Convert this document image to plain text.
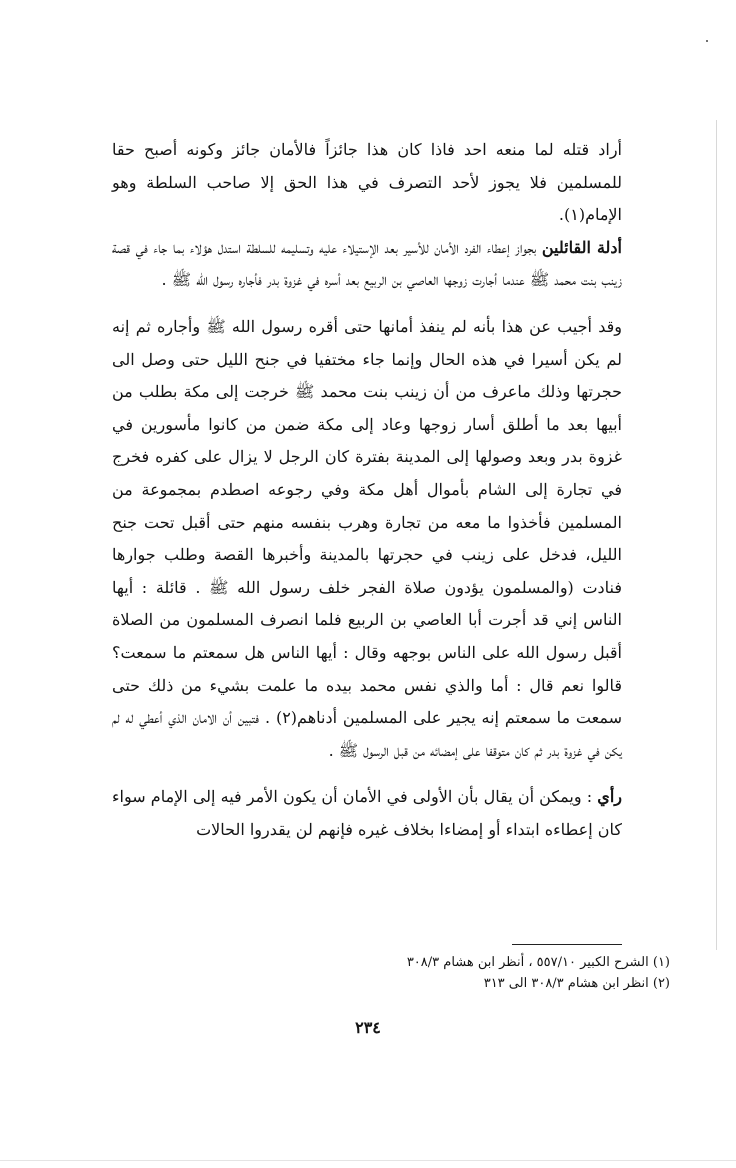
أراد قتله لما منعه احد فاذا كان هذا جائزاً فالأمان جائز وكونه أصبح حقا للمسلمين فلا يجوز لأحد التصرف في هذا الحق إلا صاحب السلطة وهو الإمام(١).

أدلة القائلين بجواز إعطاء الفرد الأمان للأسير بعد الإستيلاء عليه وتسليمه للسلطة استدل هؤلاء بما جاء في قصة زينب بنت محمد ﷺ عندما أجارت زوجها العاصي بن الربيع بعد أسره في غزوة بدر فأجاره رسول الله ﷺ .

وقد أجيب عن هذا بأنه لم ينفذ أمانها حتى أقره رسول الله ﷺ وأجاره ثم إنه لم يكن أسيرا في هذه الحال وإنما جاء مختفيا في جنح الليل حتى وصل الى حجرتها وذلك ماعرف من أن زينب بنت محمد ﷺ خرجت إلى مكة بطلب من أبيها بعد ما أطلق أسار زوجها وعاد إلى مكة ضمن من كانوا مأسورين في غزوة بدر وبعد وصولها إلى المدينة بفترة كان الرجل لا يزال على كفره فخرج في تجارة إلى الشام بأموال أهل مكة وفي رجوعه اصطدم بمجموعة من المسلمين فأخذوا ما معه من تجارة وهرب بنفسه منهم حتى أقبل تحت جنح الليل، فدخل على زينب في حجرتها بالمدينة وأخبرها القصة وطلب جوارها فنادت (والمسلمون يؤدون صلاة الفجر خلف رسول الله ﷺ . قائلة : أيها الناس إني قد أجرت أبا العاصي بن الربيع فلما انصرف المسلمون من الصلاة أقبل رسول الله على الناس بوجهه وقال : أيها الناس هل سمعتم ما سمعت؟ قالوا نعم قال : أما والذي نفس محمد بيده ما علمت بشيء من ذلك حتى سمعت ما سمعتم إنه يجير على المسلمين أدناهم(٢) . فتبين أن الامان الذي أعطي له لم يكن في غزوة بدر ثم كان متوقفا على إمضائه من قبل الرسول ﷺ .

رأي : ويمكن أن يقال بأن الأولى في الأمان أن يكون الأمر فيه إلى الإمام سواء كان إعطاءه ابتداء أو إمضاءا بخلاف غيره فإنهم لن يقدروا الحالات

(١) الشرح الكبير ٥٥٧/١٠ ، أنظر ابن هشام ٣٠٨/٣
(٢) انظر ابن هشام ٣٠٨/٣ الى ٣١٣
٢٣٤
